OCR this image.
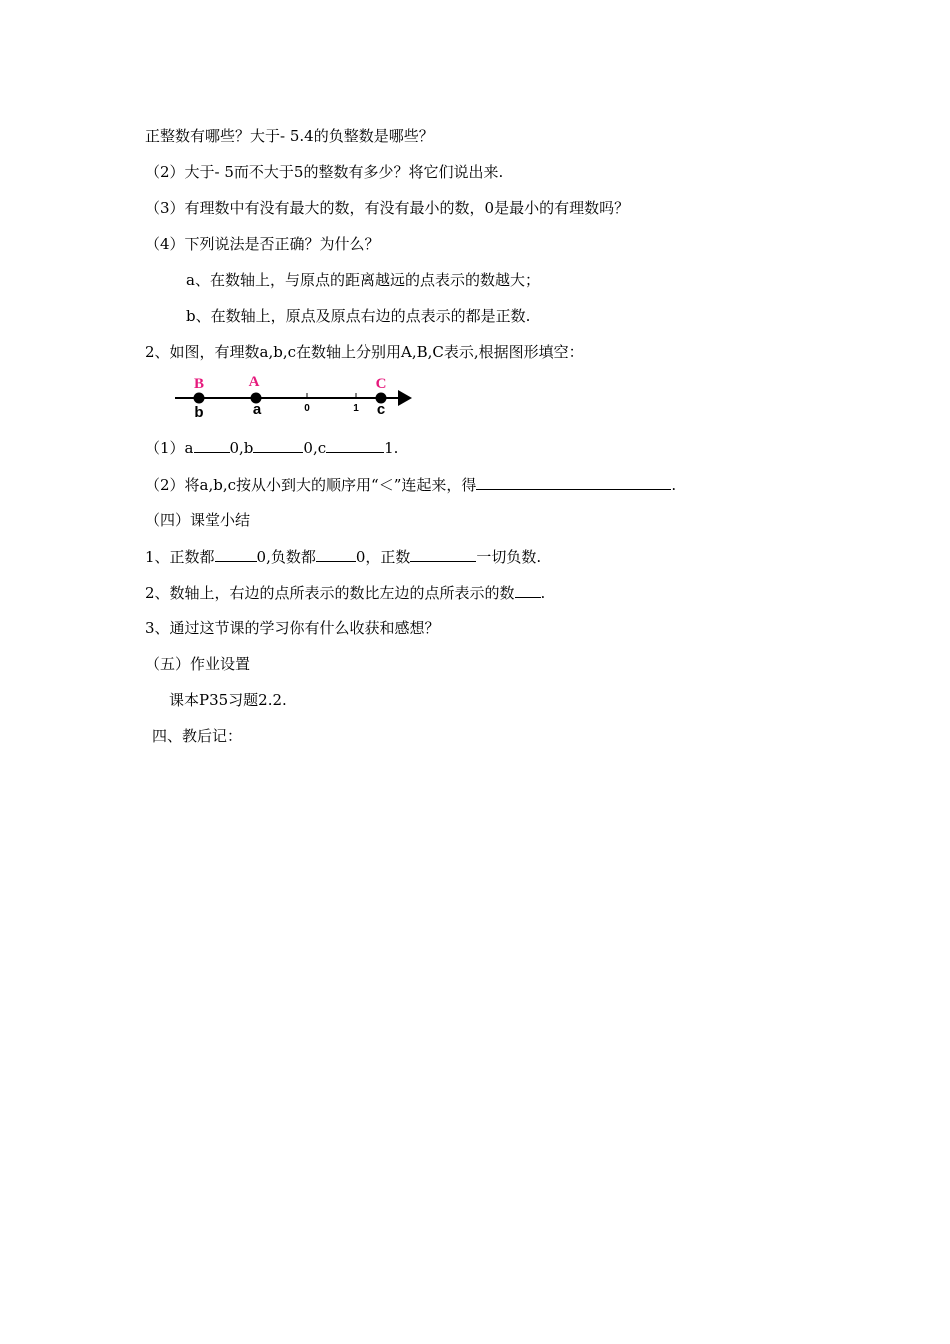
正整数有哪些？大于- 5.4的负整数是哪些？
（2）大于- 5而不大于5的整数有多少？将它们说出来.
（3）有理数中有没有最大的数，有没有最小的数，0是最小的有理数吗？
（4）下列说法是否正确？为什么？
a、在数轴上，与原点的距离越远的点表示的数越大；
b、在数轴上，原点及原点右边的点表示的都是正数.
2、如图，有理数a,b,c在数轴上分别用A,B,C表示,根据图形填空：
B	A	C
b	a	c
0	1
（1）a 0,b	0,c	1.
（2）将a,b,c按从小到大的顺序用“＜”连起来，得	.
（四）课堂小结
1、正数都	0,负数都	0，正数	一切负数.
2、数轴上，右边的点所表示的数比左边的点所表示的数 .
3、通过这节课的学习你有什么收获和感想？
（五）作业设置
课本P35习题2.2.
四、教后记：
